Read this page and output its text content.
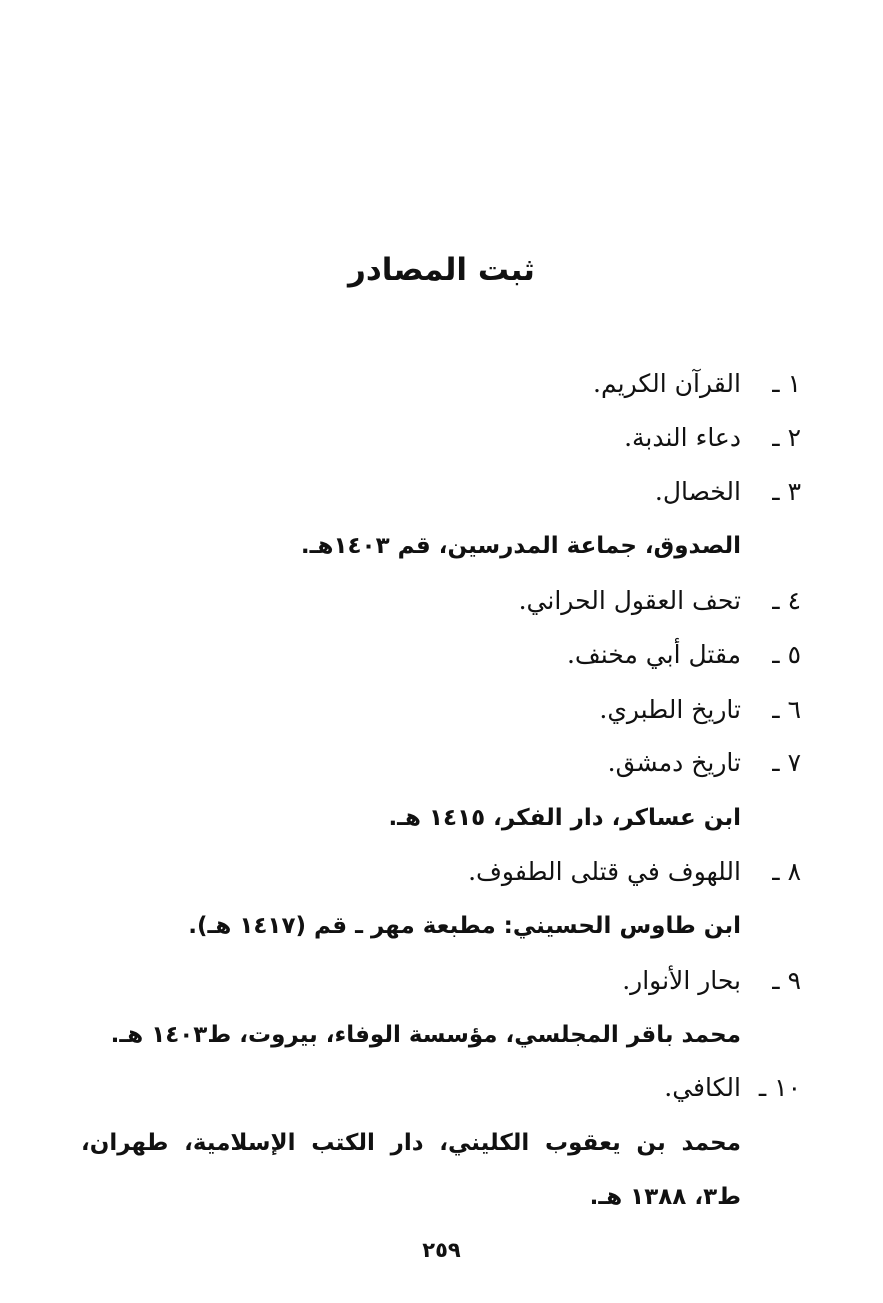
ثبت المصادر
١ ـالقرآن الكريم.
٢ ـدعاء الندبة.
٣ ـالخصال.
الصدوق، جماعة المدرسين، قم ١٤٠٣هـ.
٤ ـتحف العقول الحراني.
٥ ـمقتل أبي مخنف.
٦ ـتاريخ الطبري.
٧ ـتاريخ دمشق.
ابن عساكر، دار الفكر، ١٤١٥ هـ.
٨ ـاللهوف في قتلى الطفوف.
ابن طاوس الحسيني: مطبعة مهر ـ قم (١٤١٧ هـ).
٩ ـبحار الأنوار.
محمد باقر المجلسي، مؤسسة الوفاء، بيروت، ط١٤٠٣ هـ.
١٠ ـالكافي.
محمد بن يعقوب الكليني، دار الكتب الإسلامية، طهران، ط٣، ١٣٨٨ هـ.
٢٥٩
